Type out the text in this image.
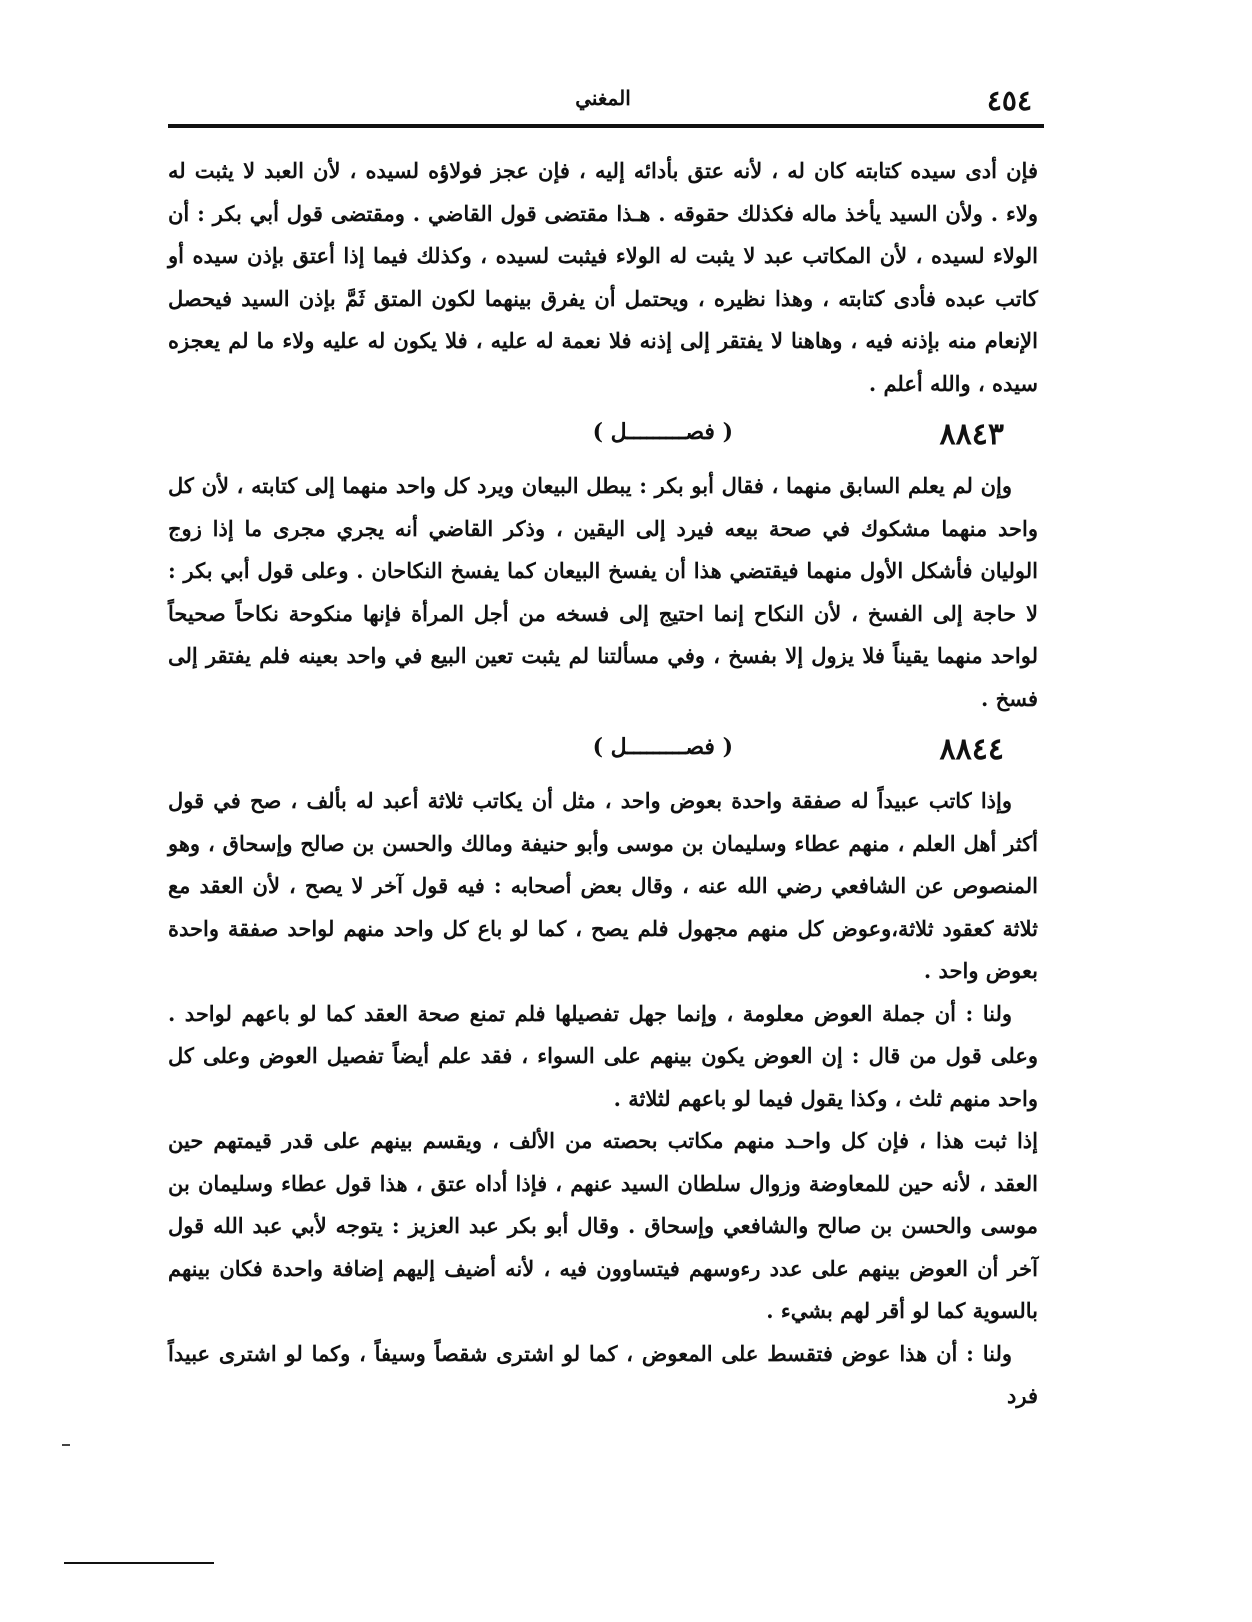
٤٥٤
المغني

فإن أدى سيده كتابته كان له ، لأنه عتق بأدائه إليه ، فإن عجز فولاؤه لسيده ، لأن العبد لا يثبت له ولاء . ولأن السيد يأخذ ماله فكذلك حقوقه . هـذا مقتضى قول القاضي . ومقتضى قول أبي بكر : أن الولاء لسيده ، لأن المكاتب عبد لا يثبت له الولاء فيثبت لسيده ، وكذلك فيما إذا أعتق بإذن سيده أو كاتب عبده فأدى كتابته ، وهذا نظيره ، ويحتمل أن يفرق بينهما لكون المتق ثَمَّ بإذن السيد فيحصل الإنعام منه بإذنه فيه ، وهاهنا لا يفتقر إلى إذنه فلا نعمة له عليه ، فلا يكون له عليه ولاء ما لم يعجزه سيده ، والله أعلم .

٨٨٤٣
( فصـــــــــل )

وإن لم يعلم السابق منهما ، فقال أبو بكر : يبطل البيعان ويرد كل واحد منهما إلى كتابته ، لأن كل واحد منهما مشكوك في صحة بيعه فيرد إلى اليقين ، وذكر القاضي أنه يجري مجرى ما إذا زوج الوليان فأشكل الأول منهما فيقتضي هذا أن يفسخ البيعان كما يفسخ النكاحان . وعلى قول أبي بكر : لا حاجة إلى الفسخ ، لأن النكاح إنما احتيج إلى فسخه من أجل المرأة فإنها منكوحة نكاحاً صحيحاً لواحد منهما يقيناً فلا يزول إلا بفسخ ، وفي مسألتنا لم يثبت تعين البيع في واحد بعينه فلم يفتقر إلى فسخ .

٨٨٤٤
( فصـــــــــل )

وإذا كاتب عبيداً له صفقة واحدة بعوض واحد ، مثل أن يكاتب ثلاثة أعبد له بألف ، صح في قول أكثر أهل العلم ، منهم عطاء وسليمان بن موسى وأبو حنيفة ومالك والحسن بن صالح وإسحاق ، وهو المنصوص عن الشافعي رضي الله عنه ، وقال بعض أصحابه : فيه قول آخر لا يصح ، لأن العقد مع ثلاثة كعقود ثلاثة،وعوض كل منهم مجهول فلم يصح ، كما لو باع كل واحد منهم لواحد صفقة واحدة بعوض واحد .

ولنا : أن جملة العوض معلومة ، وإنما جهل تفصيلها فلم تمنع صحة العقد كما لو باعهم لواحد . وعلى قول من قال : إن العوض يكون بينهم على السواء ، فقد علم أيضاً تفصيل العوض وعلى كل واحد منهم ثلث ، وكذا يقول فيما لو باعهم لثلاثة .

إذا ثبت هذا ، فإن كل واحـد منهم مكاتب بحصته من الألف ، ويقسم بينهم على قدر قيمتهم حين العقد ، لأنه حين للمعاوضة وزوال سلطان السيد عنهم ، فإذا أداه عتق ، هذا قول عطاء وسليمان بن موسى والحسن بن صالح والشافعي وإسحاق . وقال أبو بكر عبد العزيز : يتوجه لأبي عبد الله قول آخر أن العوض بينهم على عدد رءوسهم فيتساوون فيه ، لأنه أضيف إليهم إضافة واحدة فكان بينهم بالسوية كما لو أقر لهم بشيء .

ولنا : أن هذا عوض فتقسط على المعوض ، كما لو اشترى شقصاً وسيفاً ، وكما لو اشترى عبيداً فرد
